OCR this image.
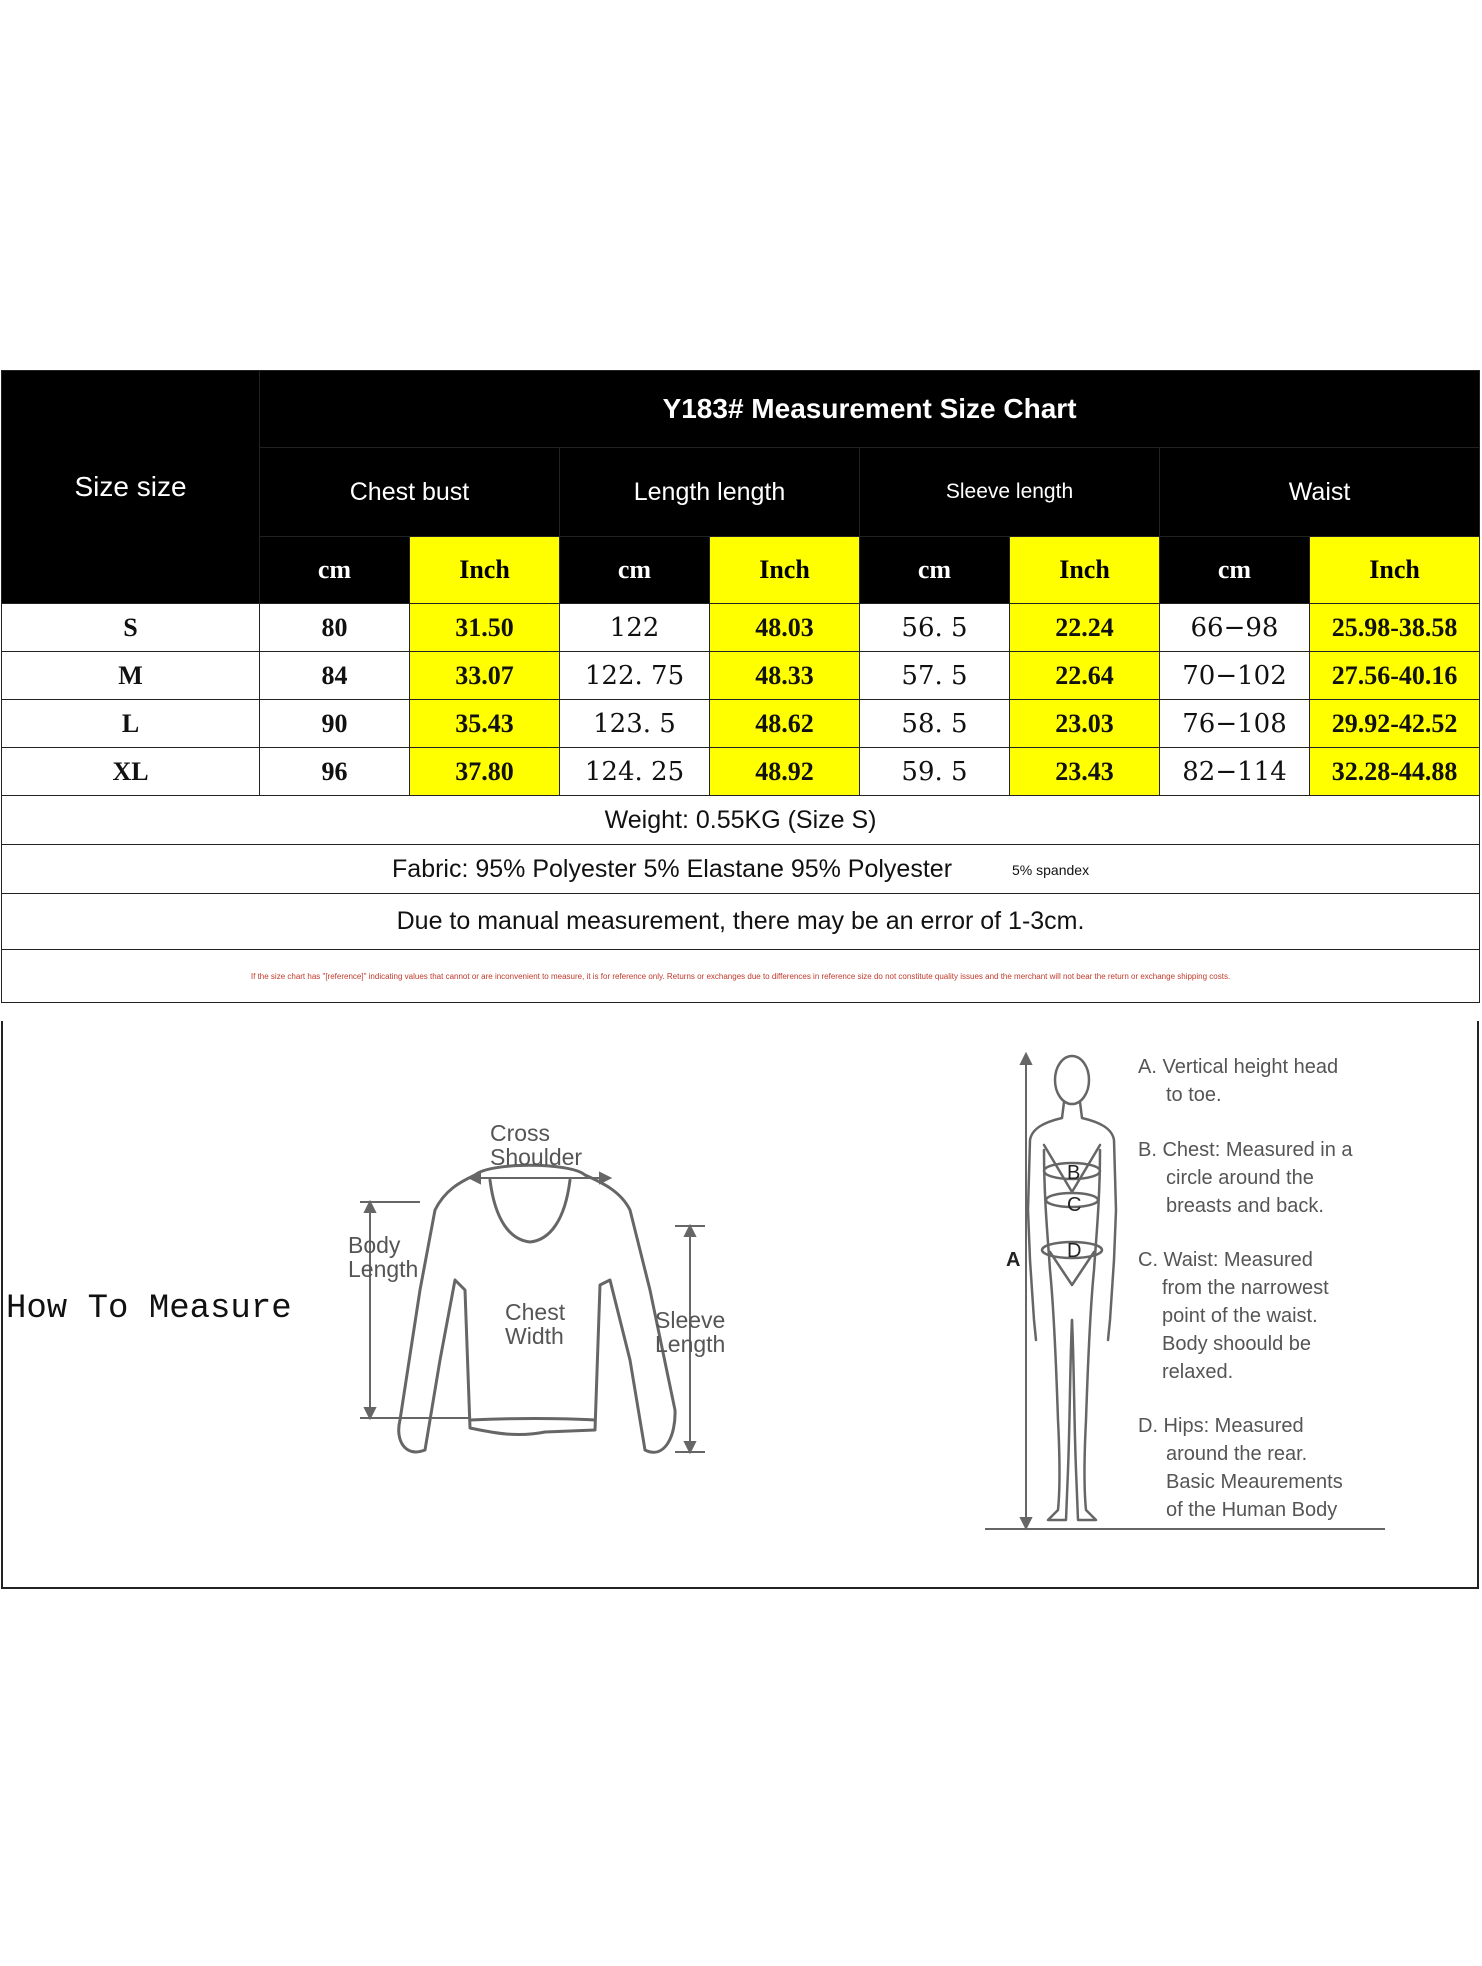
Size size	Y183# Measurement Size Chart							
	Chest bust		Length length		Sleeve length		Waist	
	cm	Inch	cm	Inch	cm	Inch	cm	Inch
S	80	31.50	122	48.03	56. 5	22.24	66−98	25.98-38.58
M	84	33.07	122. 75	48.33	57. 5	22.64	70−102	27.56-40.16
L	90	35.43	123. 5	48.62	58. 5	23.03	76−108	29.92-42.52
XL	96	37.80	124. 25	48.92	59. 5	23.43	82−114	32.28-44.88
Weight: 0.55KG (Size S)								
Fabric: 95% Polyester 5% Elastane 95% Polyester 5% spandex								
Due to manual measurement, there may be an error of 1-3cm.								
If the size chart has "[reference]" indicating values that cannot or are inconvenient to measure, it is for reference only. Returns or exchanges due to differences in reference size do not constitute quality issues and the merchant will not bear the return or exchange shipping costs.								
How To Measure
Cross
Shoulder
Body
Length
Chest
Width
Sleeve
Length
A
B
C
D
A. Vertical height head
to toe.
B. Chest: Measured in a
circle around the
breasts and back.
C. Waist: Measured
from the narrowest
point of the waist.
Body shoould be
relaxed.
D. Hips: Measured
around the rear.
Basic Meaurements
of the Human Body
